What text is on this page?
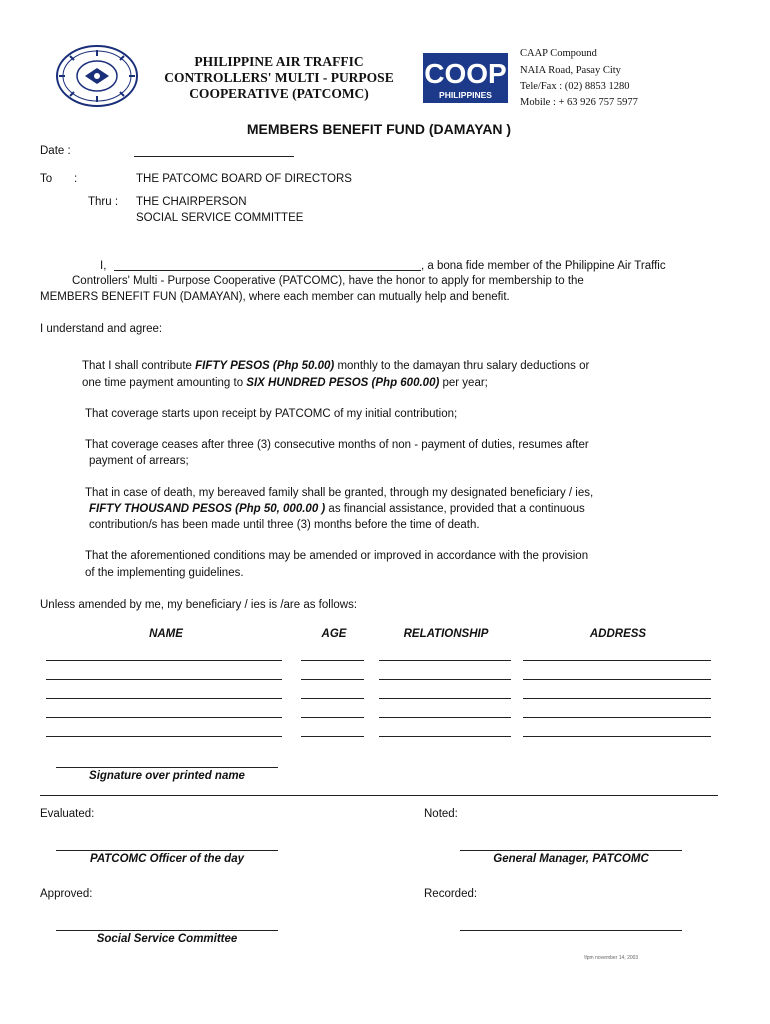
PHILIPPINE AIR TRAFFIC
CONTROLLERS' MULTI - PURPOSE
COOPERATIVE (PATCOMC)
COOP
PHILIPPINES
CAAP Compound
NAIA Road, Pasay City
Tele/Fax : (02) 8853 1280
Mobile : + 63 926 757 5977
MEMBERS BENEFIT FUND (DAMAYAN )
Date :
To :	THE PATCOMC BOARD OF DIRECTORS
Thru : THE CHAIRPERSON
SOCIAL SERVICE COMMITTEE
I,	, a bona fide member of the Philippine Air Traffic
Controllers' Multi - Purpose Cooperative (PATCOMC), have the honor to apply for membership to the
MEMBERS BENEFIT FUN (DAMAYAN), where each member can mutually help and benefit.
I understand and agree:
That I shall contribute FIFTY PESOS (Php 50.00) monthly to the damayan thru salary deductions or
one time payment amounting to SIX HUNDRED PESOS (Php 600.00) per year;
That coverage starts upon receipt by PATCOMC of my initial contribution;
That coverage ceases after three (3) consecutive months of non - payment of duties, resumes after
payment of arrears;
That in case of death, my bereaved family shall be granted, through my designated beneficiary / ies,
FIFTY THOUSAND PESOS (Php 50, 000.00 ) as financial assistance, provided that a continuous
contribution/s has been made until three (3) months before the time of death.
That the aforementioned conditions may be amended or improved in accordance with the provision
of the implementing guidelines.
Unless amended by me, my beneficiary / ies is /are as follows:
NAME	AGE	RELATIONSHIP	ADDRESS
Signature over printed name
Evaluated:	Noted:
PATCOMC Officer of the day	General Manager, PATCOMC
Approved:	Recorded:
Social Service Committee
\fpm november 14, 2003
